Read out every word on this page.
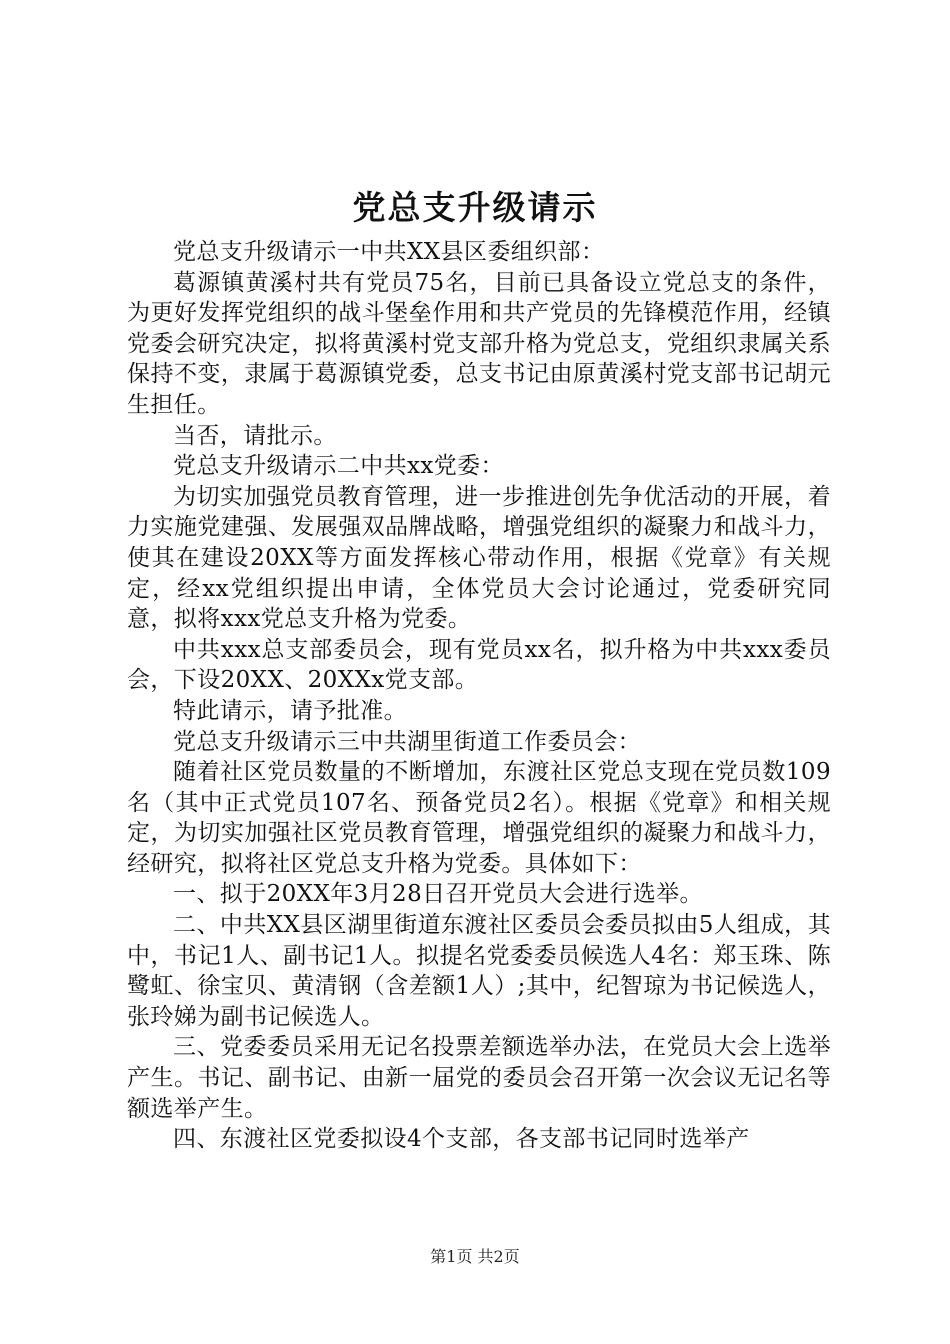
党总支升级请示

党总支升级请示一中共XX县区委组织部：

葛源镇黄溪村共有党员75名，目前已具备设立党总支的条件，为更好发挥党组织的战斗堡垒作用和共产党员的先锋模范作用，经镇党委会研究决定，拟将黄溪村党支部升格为党总支，党组织隶属关系保持不变，隶属于葛源镇党委，总支书记由原黄溪村党支部书记胡元生担任。

当否，请批示。

党总支升级请示二中共xx党委：

为切实加强党员教育管理，进一步推进创先争优活动的开展，着力实施党建强、发展强双品牌战略，增强党组织的凝聚力和战斗力，使其在建设20XX等方面发挥核心带动作用，根据《党章》有关规定，经xx党组织提出申请，全体党员大会讨论通过，党委研究同意，拟将xxx党总支升格为党委。

中共xxx总支部委员会，现有党员xx名，拟升格为中共xxx委员会，下设20XX、20XXx党支部。

特此请示，请予批准。

党总支升级请示三中共湖里街道工作委员会：

随着社区党员数量的不断增加，东渡社区党总支现在党员数109名（其中正式党员107名、预备党员2名）。根据《党章》和相关规定，为切实加强社区党员教育管理，增强党组织的凝聚力和战斗力，经研究，拟将社区党总支升格为党委。具体如下：

一、拟于20XX年3月28日召开党员大会进行选举。

二、中共XX县区湖里街道东渡社区委员会委员拟由5人组成，其中，书记1人、副书记1人。拟提名党委委员候选人4名：郑玉珠、陈鹭虹、徐宝贝、黄清钢（含差额1人）;其中，纪智琼为书记候选人，张玲娣为副书记候选人。

三、党委委员采用无记名投票差额选举办法，在党员大会上选举产生。书记、副书记、由新一届党的委员会召开第一次会议无记名等额选举产生。

四、东渡社区党委拟设4个支部，各支部书记同时选举产

第1页 共2页
